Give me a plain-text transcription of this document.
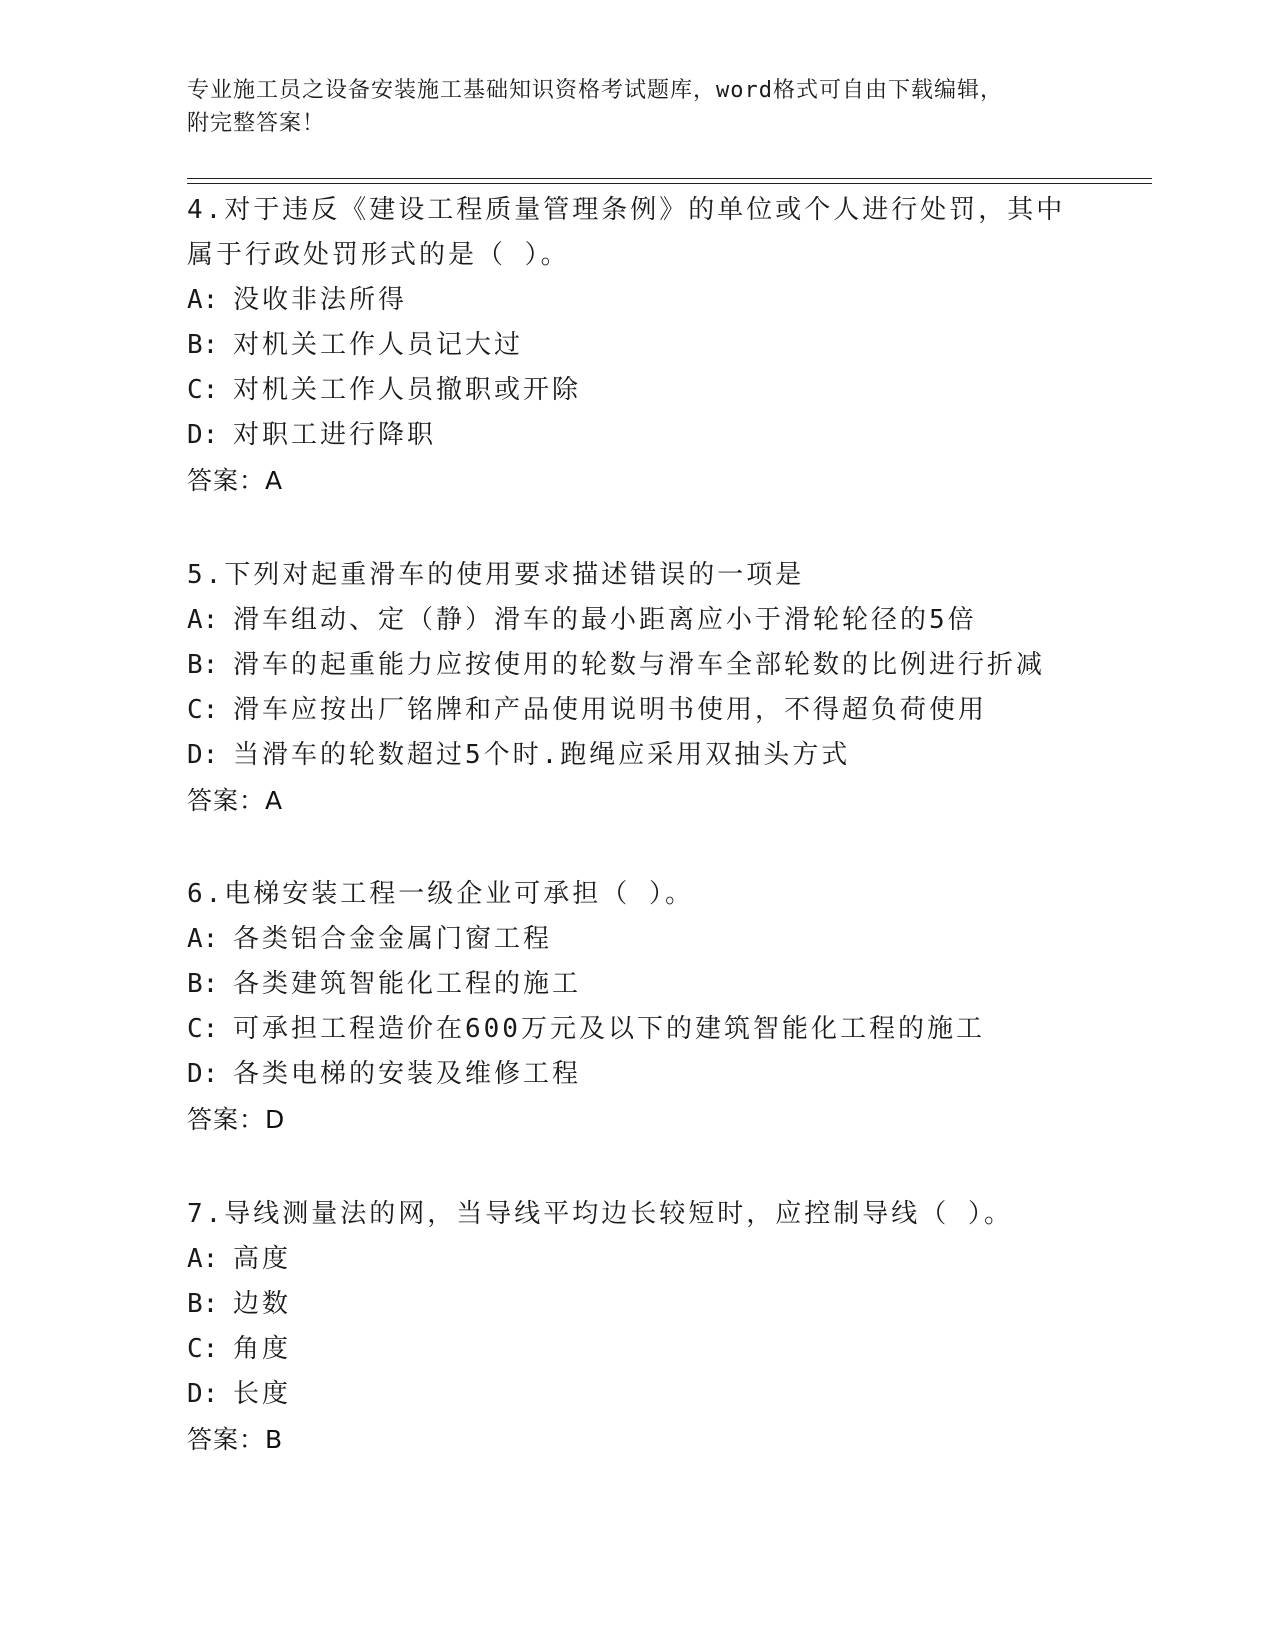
专业施工员之设备安装施工基础知识资格考试题库，word格式可自由下载编辑，
附完整答案！
4.对于违反《建设工程质量管理条例》的单位或个人进行处罚，其中
属于行政处罚形式的是（ ）。
A: 没收非法所得
B: 对机关工作人员记大过
C: 对机关工作人员撤职或开除
D: 对职工进行降职
答案：A
5.下列对起重滑车的使用要求描述错误的一项是
A: 滑车组动、定（静）滑车的最小距离应小于滑轮轮径的5倍
B: 滑车的起重能力应按使用的轮数与滑车全部轮数的比例进行折减
C: 滑车应按出厂铭牌和产品使用说明书使用，不得超负荷使用
D: 当滑车的轮数超过5个时.跑绳应采用双抽头方式
答案：A
6.电梯安装工程一级企业可承担（ ）。
A: 各类铝合金金属门窗工程
B: 各类建筑智能化工程的施工
C: 可承担工程造价在600万元及以下的建筑智能化工程的施工
D: 各类电梯的安装及维修工程
答案：D
7.导线测量法的网，当导线平均边长较短时，应控制导线（ ）。
A: 高度
B: 边数
C: 角度
D: 长度
答案：B
